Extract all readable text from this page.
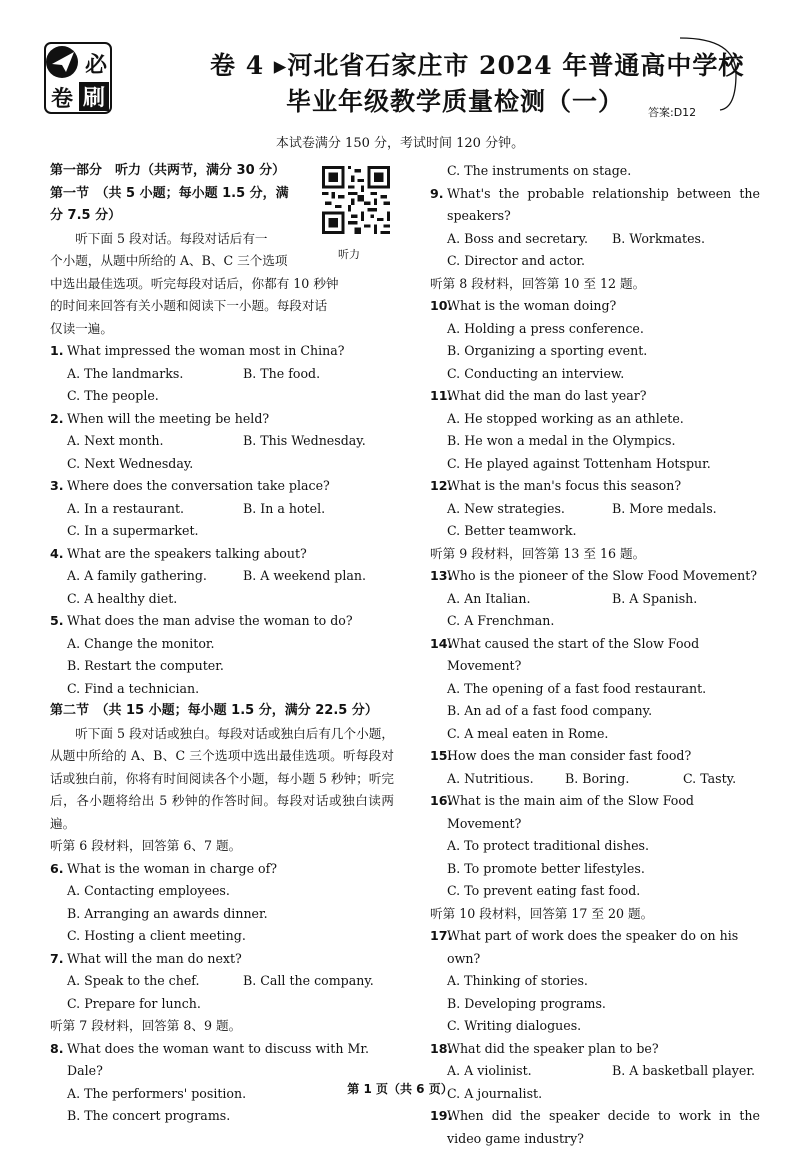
必
卷 刷
卷 4 ▸河北省石家庄市 2024 年普通高中学校
毕业年级教学质量检测（一） 答案:D12
本试卷满分 150 分，考试时间 120 分钟。
听力
第一部分　听力（共两节，满分 30 分）
第一节　（共 5 小题；每小题 1.5 分，满
分 7.5 分）
　　听下面 5 段对话。每段对话后有一
个小题，从题中所给的 A、B、C 三个选项
中选出最佳选项。听完每段对话后，你都有 10 秒钟
的时间来回答有关小题和阅读下一小题。每段对话
仅读一遍。
1. What impressed the woman most in China?
A. The landmarks.	B. The food.
C. The people.
2. When will the meeting be held?
A. Next month.	B. This Wednesday.
C. Next Wednesday.
3. Where does the conversation take place?
A. In a restaurant.	B. In a hotel.
C. In a supermarket.
4. What are the speakers talking about?
A. A family gathering.	B. A weekend plan.
C. A healthy diet.
5. What does the man advise the woman to do?
A. Change the monitor.
B. Restart the computer.
C. Find a technician.
第二节　（共 15 小题；每小题 1.5 分，满分 22.5 分）
听下面 5 段对话或独白。每段对话或独白后有几个小题，从题中所给的 A、B、C 三个选项中选出最佳选项。听每段对话或独白前，你将有时间阅读各个小题，每小题 5 秒钟；听完后，各小题将给出 5 秒钟的作答时间。每段对话或独白读两遍。
听第 6 段材料，回答第 6、7 题。
6. What is the woman in charge of?
A. Contacting employees.
B. Arranging an awards dinner.
C. Hosting a client meeting.
7. What will the man do next?
A. Speak to the chef.	B. Call the company.
C. Prepare for lunch.
听第 7 段材料，回答第 8、9 题。
8. What does the woman want to discuss with Mr. Dale?
A. The performers' position.
B. The concert programs.
C. The instruments on stage.
9. What's the probable relationship between the speakers?
A. Boss and secretary.	B. Workmates.
C. Director and actor.
听第 8 段材料，回答第 10 至 12 题。
10.
What is the woman doing?
A. Holding a press conference.
B. Organizing a sporting event.
C. Conducting an interview.
11.
What did the man do last year?
A. He stopped working as an athlete.
B. He won a medal in the Olympics.
C. He played against Tottenham Hotspur.
12.
What is the man's focus this season?
A. New strategies.	B. More medals.
C. Better teamwork.
听第 9 段材料，回答第 13 至 16 题。
13.
Who is the pioneer of the Slow Food Movement?
A. An Italian.	B. A Spanish.
C. A Frenchman.
14.
What caused the start of the Slow Food Movement?
A. The opening of a fast food restaurant.
B. An ad of a fast food company.
C. A meal eaten in Rome.
15.
How does the man consider fast food?
A. Nutritious.	B. Boring.	C. Tasty.
16.
What is the main aim of the Slow Food Movement?
A. To protect traditional dishes.
B. To promote better lifestyles.
C. To prevent eating fast food.
听第 10 段材料，回答第 17 至 20 题。
17.
What part of work does the speaker do on his own?
A. Thinking of stories.
B. Developing programs.
C. Writing dialogues.
18.
What did the speaker plan to be?
A. A violinist.	B. A basketball player.
C. A journalist.
19.
When did the speaker decide to work in the video game industry?
第 1 页（共 6 页）
